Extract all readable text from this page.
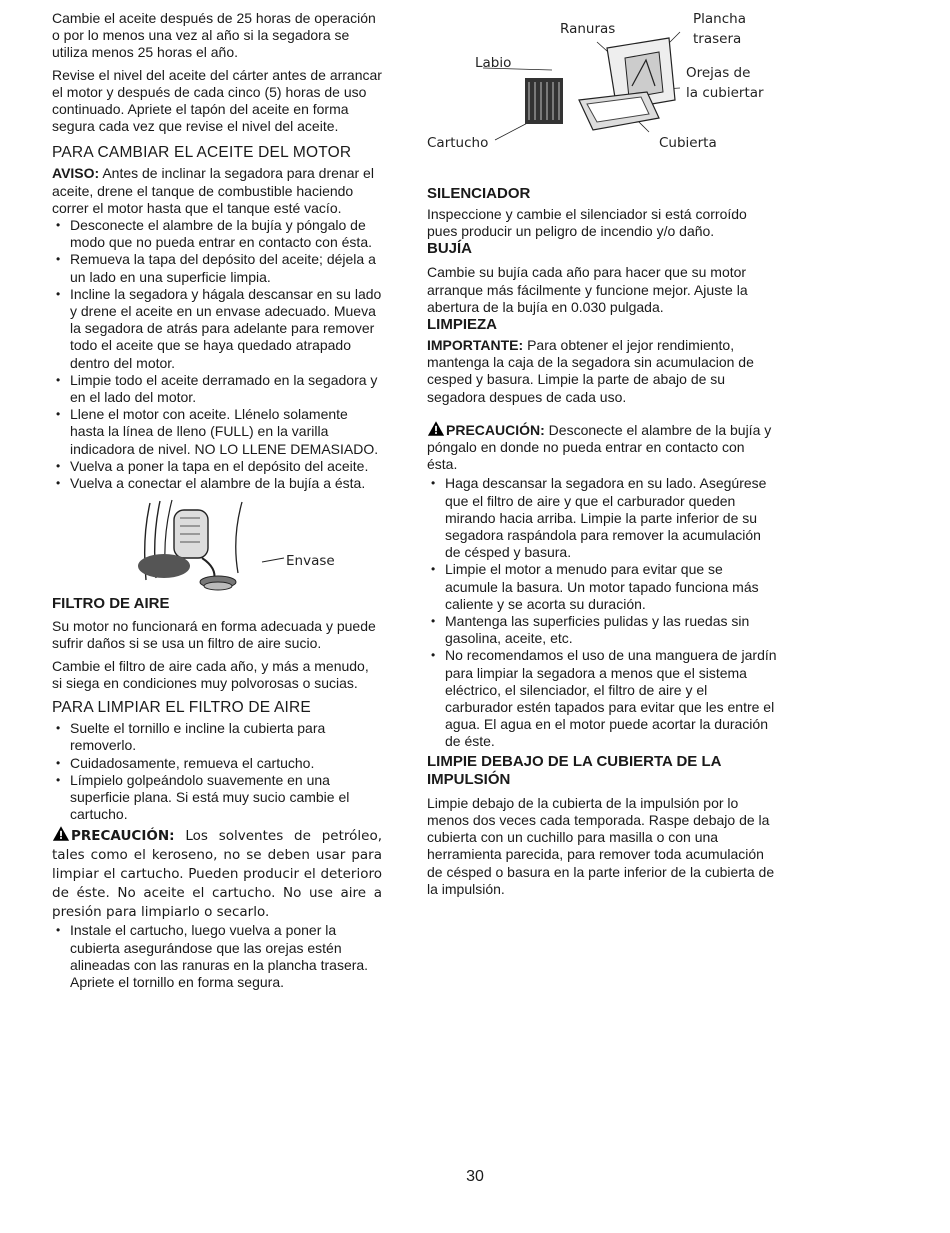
Cambie el aceite después de 25 horas de operación o por lo menos una vez al año si la segadora se utiliza menos 25 horas el año.

Revise el nivel del aceite del cárter antes de arrancar el motor y después de cada cinco (5) horas de uso continuado. Apriete el tapón del aceite en forma segura cada vez que revise el nivel del aceite.

PARA CAMBIAR EL ACEITE DEL MOTOR

AVISO: Antes de inclinar la segadora para drenar el aceite, drene el tanque de combustible haciendo correr el motor hasta que el tanque esté vacío.

• Desconecte el alambre de la bujía y póngalo de modo que no pueda entrar en contacto con ésta.
• Remueva la tapa del depósito del aceite; déjela a un lado en una superficie limpia.
• Incline la segadora y hágala descansar en su lado y drene el aceite en un envase adecuado. Mueva la segadora de atrás para adelante para remover todo el aceite que se haya quedado atrapado dentro del motor.
• Limpie todo el aceite derramado en la segadora y en el lado del motor.
• Llene el motor con aceite. Llénelo solamente hasta la línea de lleno (FULL) en la varilla indicadora de nivel. NO LO LLENE DEMASIADO.
• Vuelva a poner la tapa en el depósito del aceite.
• Vuelva a conectar el alambre de la bujía a ésta.
Envase
FILTRO DE AIRE

Su motor no funcionará en forma adecuada y puede sufrir daños si se usa un filtro de aire sucio.

Cambie el filtro de aire cada año, y más a menudo, si siega en condiciones muy polvorosas o sucias.

PARA LIMPIAR EL FILTRO DE AIRE
• Suelte el tornillo e incline la cubierta para removerlo.
• Cuidadosamente, remueva el cartucho.
• Límpielo golpeándolo suavemente en una superficie plana. Si está muy sucio cambie el cartucho.

PRECAUCIÓN: Los solventes de petróleo, tales como el keroseno, no se deben usar para limpiar el cartucho. Pueden producir el deterioro de éste. No aceite el cartucho. No use aire a presión para limpiarlo o secarlo.

• Instale el cartucho, luego vuelva a poner la cubierta asegurándose que las orejas estén alineadas con las ranuras en la plancha trasera. Apriete el tornillo en forma segura.
Ranuras
Plancha
trasera
Labio
Orejas de
la cubiertar
Cartucho	Cubierta
SILENCIADOR

Inspeccione y cambie el silenciador si está corroído pues producir un peligro de incendio y/o daño.

BUJÍA

Cambie su bujía cada año para hacer que su motor arranque más fácilmente y funcione mejor. Ajuste la abertura de la bujía en 0.030 pulgada.

LIMPIEZA

IMPORTANTE: Para obtener el jejor rendimiento, mantenga la caja de la segadora sin acumulacion de cesped y basura. Limpie la parte de abajo de su segadora despues de cada uso.

PRECAUCIÓN: Desconecte el alambre de la bujía y póngalo en donde no pueda entrar en contacto con ésta.

• Haga descansar la segadora en su lado. Asegúrese que el filtro de aire y que el carburador queden mirando hacia arriba. Limpie la parte inferior de su segadora raspándola para remover la acumulación de césped y basura.
• Limpie el motor a menudo para evitar que se acumule la basura. Un motor tapado funciona más caliente y se acorta su duración.
• Mantenga las superficies pulidas y las ruedas sin gasolina, aceite, etc.
• No recomendamos el uso de una manguera de jardín para limpiar la segadora a menos que el sistema eléctrico, el silenciador, el filtro de aire y el carburador estén tapados para evitar que les entre el agua. El agua en el motor puede acortar la duración de éste.
LIMPIE DEBAJO DE LA CUBIERTA DE LA IMPULSIÓN

Limpie debajo de la cubierta de la impulsión por lo menos dos veces cada temporada. Raspe debajo de la cubierta con un cuchillo para masilla o con una herramienta parecida, para remover toda acumulación de césped o basura en la parte inferior de la cubierta de la impulsión.

30
